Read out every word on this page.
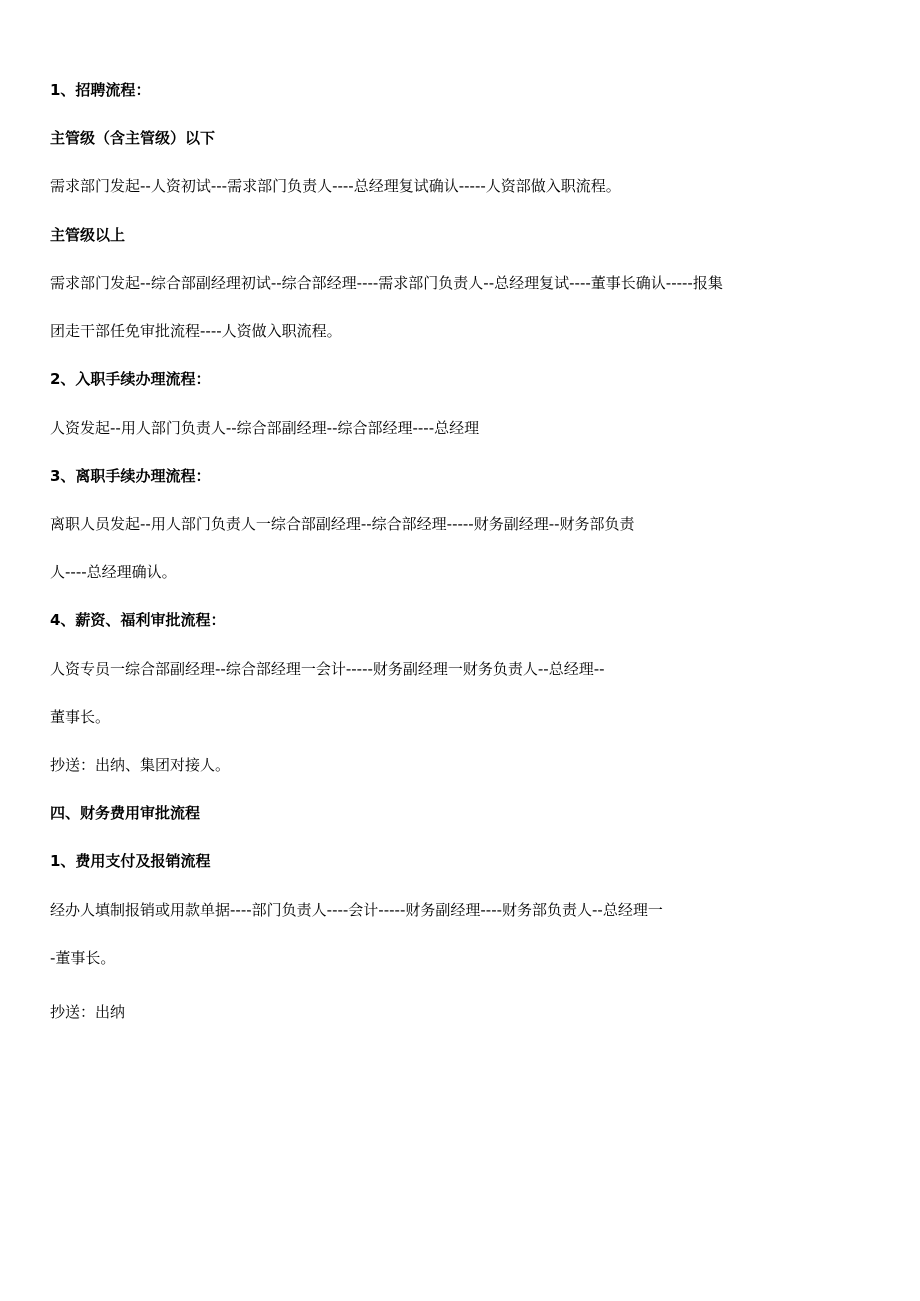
1、招聘流程：
主管级（含主管级）以下
需求部门发起--人资初试---需求部门负责人----总经理复试确认-----人资部做入职流程。
主管级以上
需求部门发起--综合部副经理初试--综合部经理----需求部门负责人--总经理复试----董事长确认-----报集
团走干部任免审批流程----人资做入职流程。
2、入职手续办理流程：
人资发起--用人部门负责人--综合部副经理--综合部经理----总经理
3、离职手续办理流程：
离职人员发起--用人部门负责人一综合部副经理--综合部经理-----财务副经理--财务部负责
人----总经理确认。
4、薪资、福利审批流程：
人资专员一综合部副经理--综合部经理一会计-----财务副经理一财务负责人--总经理--
董事长。
抄送：出纳、集团对接人。
四、财务费用审批流程
1、费用支付及报销流程
经办人填制报销或用款单据----部门负责人----会计-----财务副经理----财务部负责人--总经理一
-董事长。
抄送：出纳
